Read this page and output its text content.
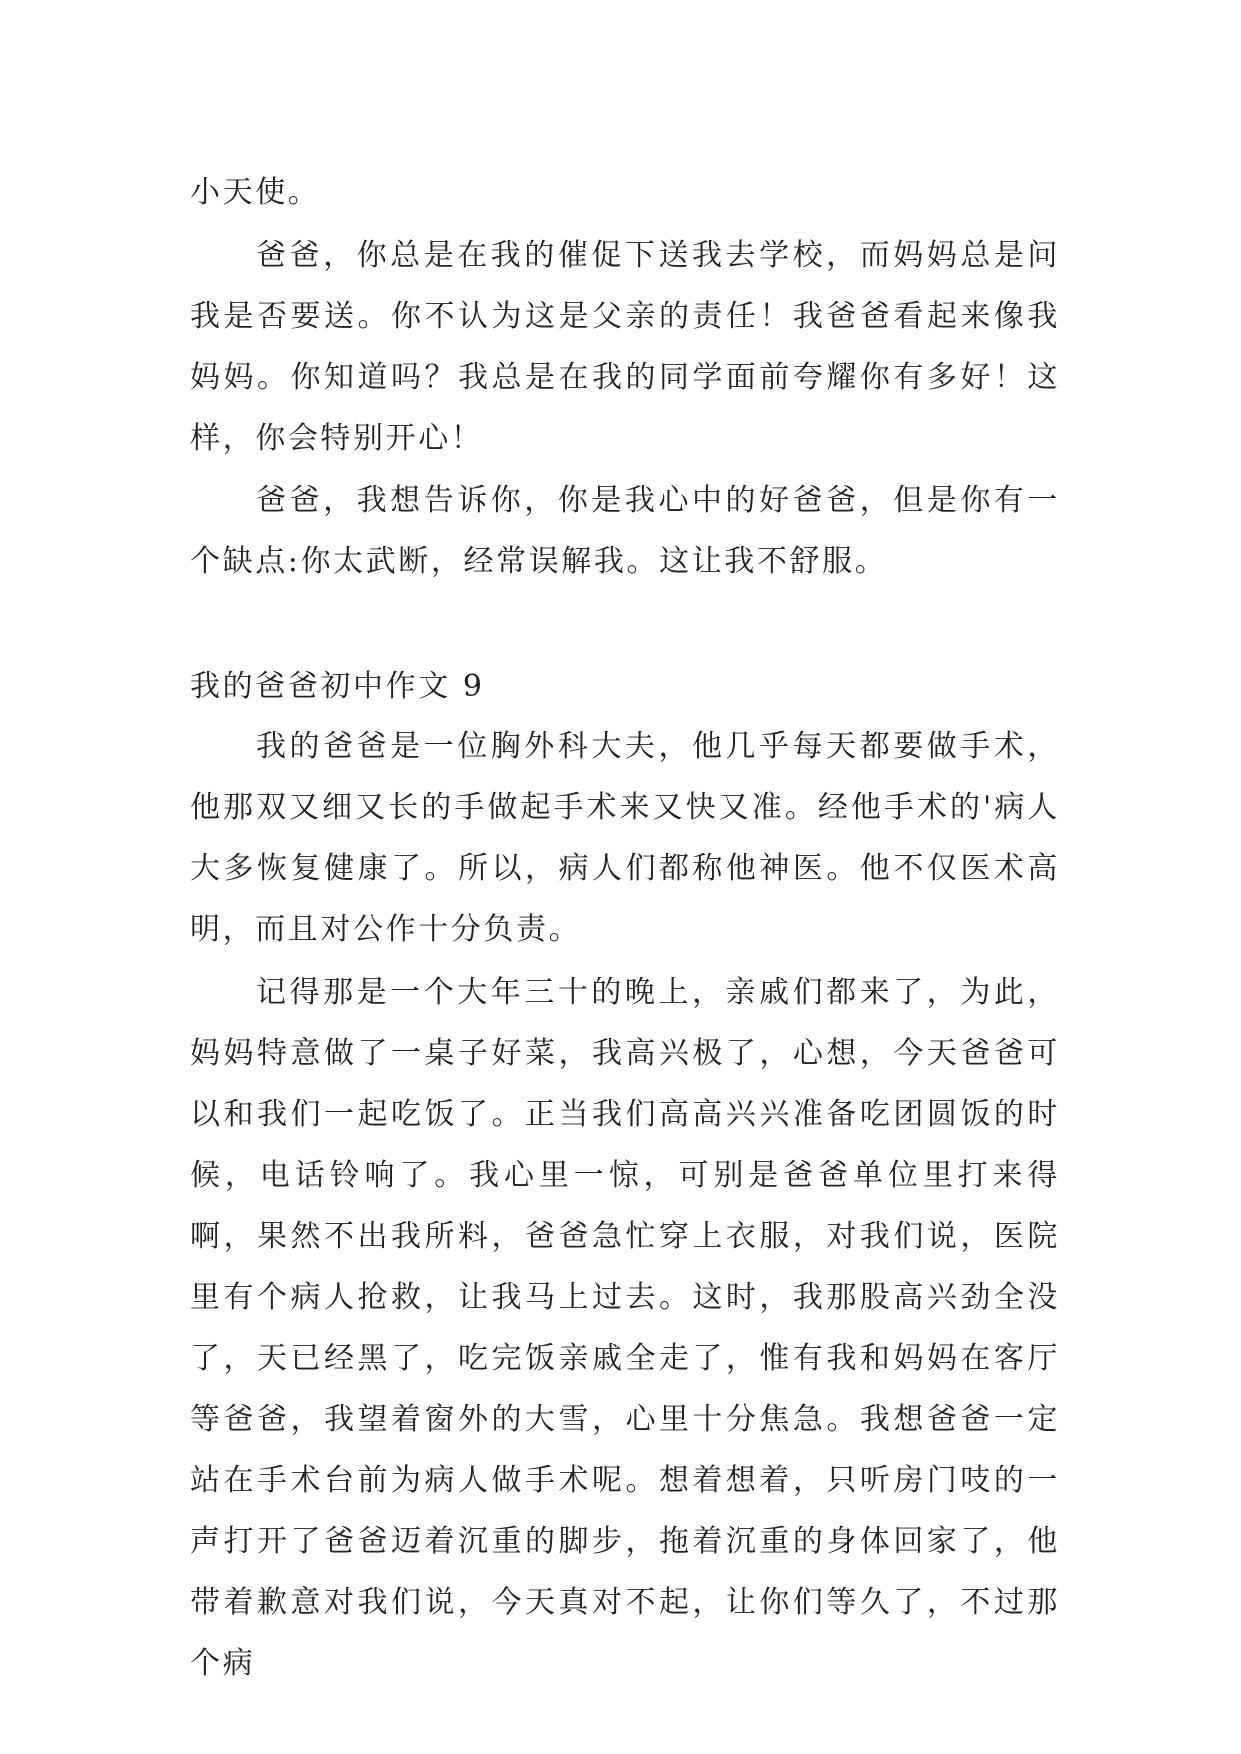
小天使。

爸爸，你总是在我的催促下送我去学校，而妈妈总是问我是否要送。你不认为这是父亲的责任！我爸爸看起来像我妈妈。你知道吗？我总是在我的同学面前夸耀你有多好！这样，你会特别开心！

爸爸，我想告诉你，你是我心中的好爸爸，但是你有一个缺点:你太武断，经常误解我。这让我不舒服。

我的爸爸初中作文 9

我的爸爸是一位胸外科大夫，他几乎每天都要做手术，他那双又细又长的手做起手术来又快又准。经他手术的'病人大多恢复健康了。所以，病人们都称他神医。他不仅医术高明，而且对公作十分负责。

记得那是一个大年三十的晚上，亲戚们都来了，为此，妈妈特意做了一桌子好菜，我高兴极了，心想，今天爸爸可以和我们一起吃饭了。正当我们高高兴兴准备吃团圆饭的时候，电话铃响了。我心里一惊，可别是爸爸单位里打来得啊，果然不出我所料，爸爸急忙穿上衣服，对我们说，医院里有个病人抢救，让我马上过去。这时，我那股高兴劲全没了，天已经黑了，吃完饭亲戚全走了，惟有我和妈妈在客厅等爸爸，我望着窗外的大雪，心里十分焦急。我想爸爸一定站在手术台前为病人做手术呢。想着想着，只听房门吱的一声打开了爸爸迈着沉重的脚步，拖着沉重的身体回家了，他带着歉意对我们说，今天真对不起，让你们等久了，不过那个病
